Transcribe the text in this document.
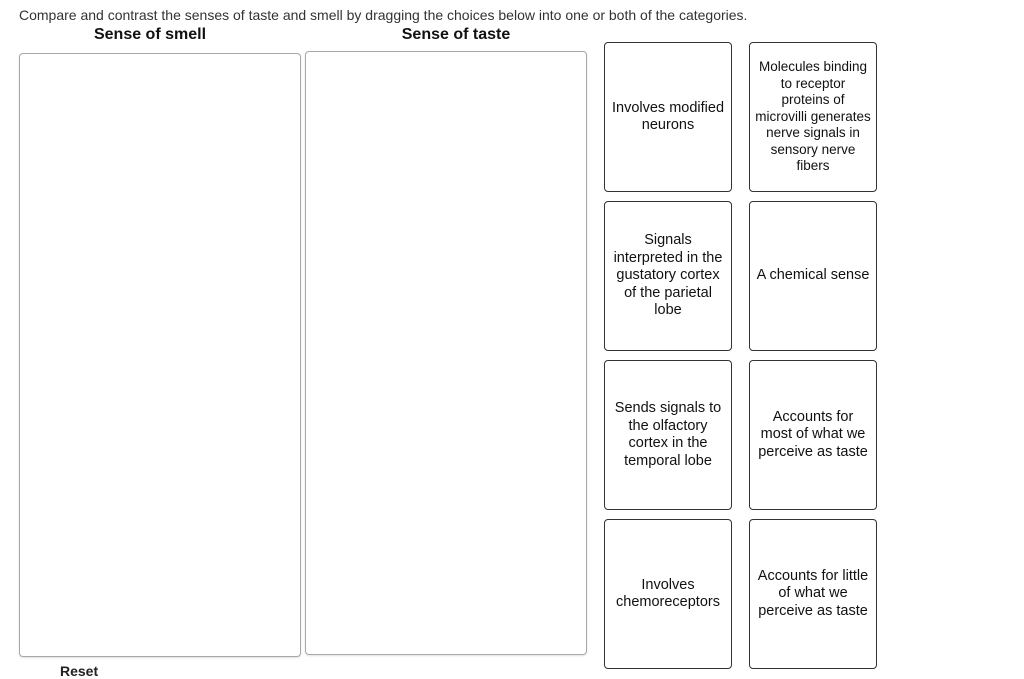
Compare and contrast the senses of taste and smell by dragging the choices below into one or both of the categories.
Sense of smell	Sense of taste
Involves modified neurons
Molecules binding to receptor proteins of microvilli generates nerve signals in sensory nerve fibers
Signals interpreted in the gustatory cortex of the parietal lobe
A chemical sense
Sends signals to the olfactory cortex in the temporal lobe
Accounts for most of what we perceive as taste
Involves chemoreceptors
Accounts for little of what we perceive as taste
Reset
